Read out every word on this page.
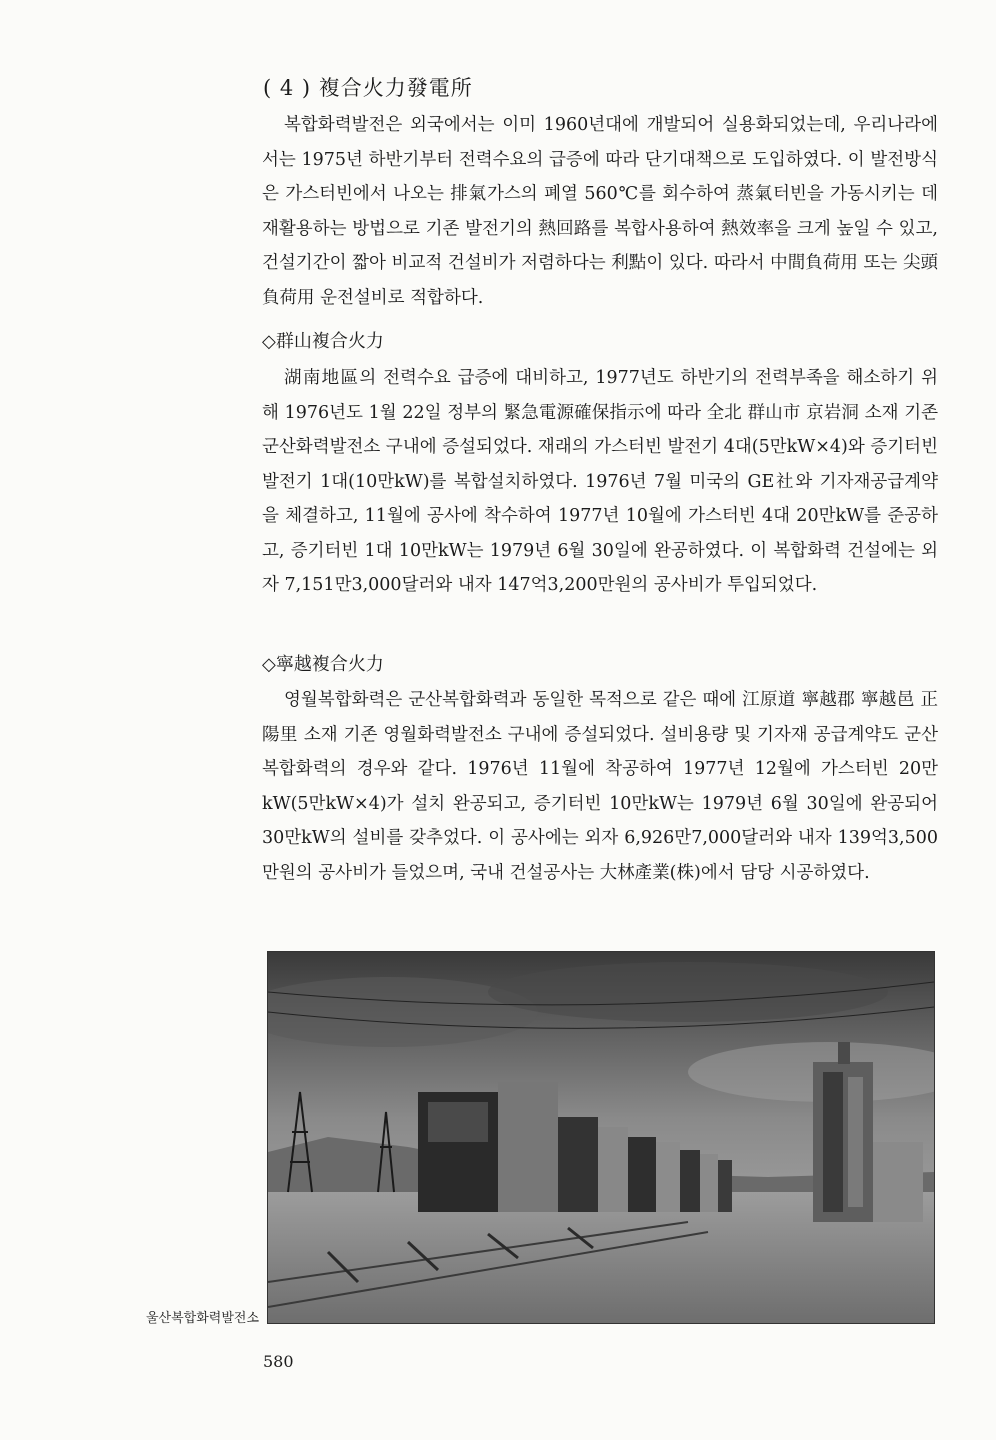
( 4 ) 複合火力發電所

복합화력발전은 외국에서는 이미 1960년대에 개발되어 실용화되었는데, 우리나라에서는 1975년 하반기부터 전력수요의 급증에 따라 단기대책으로 도입하였다. 이 발전방식은 가스터빈에서 나오는 排氣가스의 폐열 560℃를 회수하여 蒸氣터빈을 가동시키는 데 재활용하는 방법으로 기존 발전기의 熱回路를 복합사용하여 熱效率을 크게 높일 수 있고, 건설기간이 짧아 비교적 건설비가 저렴하다는 利點이 있다. 따라서 中間負荷用 또는 尖頭負荷用 운전설비로 적합하다.

◇群山複合火力

湖南地區의 전력수요 급증에 대비하고, 1977년도 하반기의 전력부족을 해소하기 위해 1976년도 1월 22일 정부의 緊急電源確保指示에 따라 全北 群山市 京岩洞 소재 기존 군산화력발전소 구내에 증설되었다. 재래의 가스터빈 발전기 4대(5만kW×4)와 증기터빈 발전기 1대(10만kW)를 복합설치하였다. 1976년 7월 미국의 GE社와 기자재공급계약을 체결하고, 11월에 공사에 착수하여 1977년 10월에 가스터빈 4대 20만kW를 준공하고, 증기터빈 1대 10만kW는 1979년 6월 30일에 완공하였다. 이 복합화력 건설에는 외자 7,151만3,000달러와 내자 147억3,200만원의 공사비가 투입되었다.

◇寧越複合火力

영월복합화력은 군산복합화력과 동일한 목적으로 같은 때에 江原道 寧越郡 寧越邑 正陽里 소재 기존 영월화력발전소 구내에 증설되었다. 설비용량 및 기자재 공급계약도 군산복합화력의 경우와 같다. 1976년 11월에 착공하여 1977년 12월에 가스터빈 20만kW(5만kW×4)가 설치 완공되고, 증기터빈 10만kW는 1979년 6월 30일에 완공되어 30만kW의 설비를 갖추었다. 이 공사에는 외자 6,926만7,000달러와 내자 139억3,500만원의 공사비가 들었으며, 국내 건설공사는 大林產業(株)에서 담당 시공하였다.

울산복합화력발전소
580
